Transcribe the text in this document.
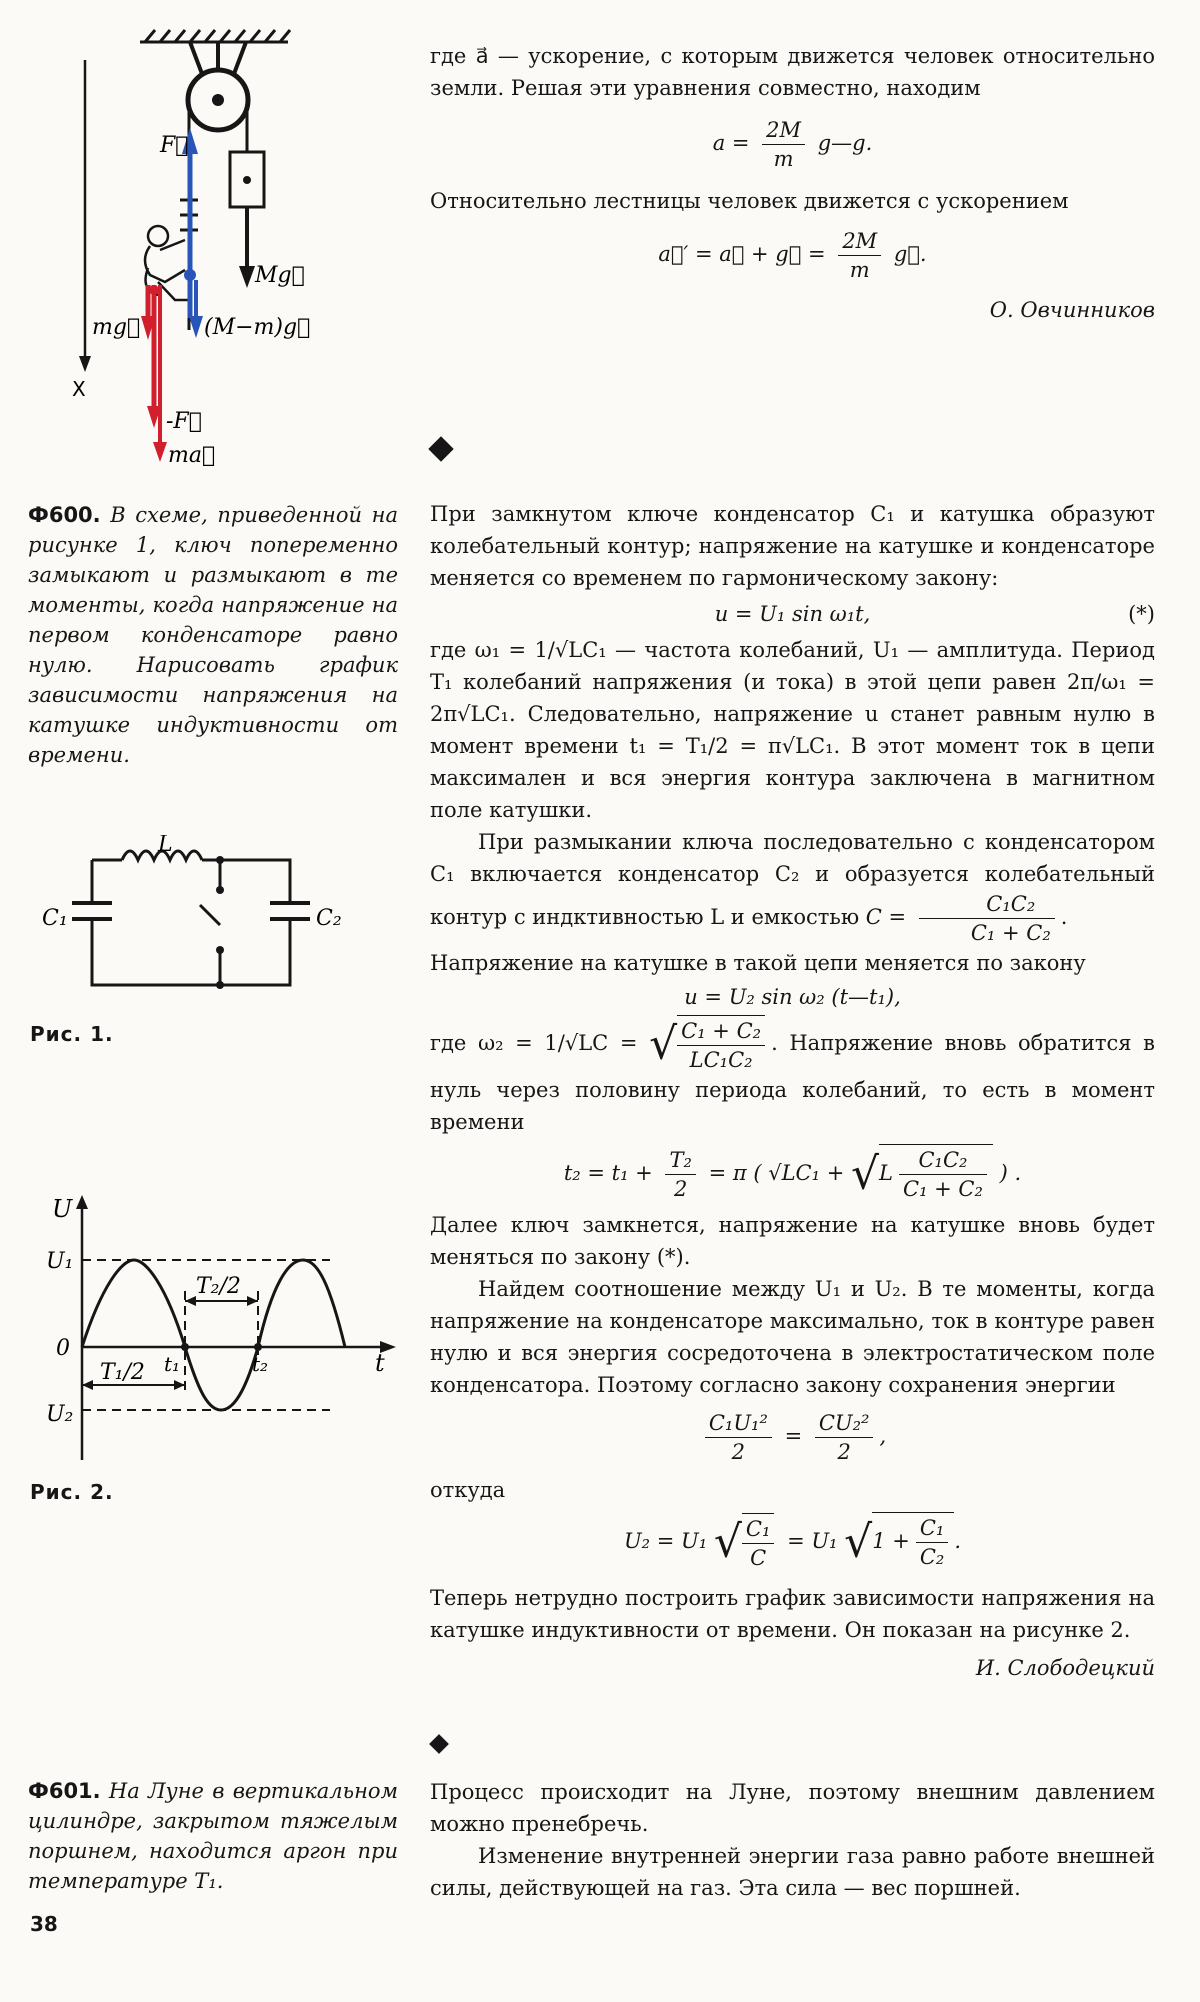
F⃗
Mg⃗
mg⃗	(M−m)g⃗
X
-F⃗
ma⃗

где a⃗ — ускорение, с которым движется человек относительно земли. Решая эти уравнения совместно, находим

$a = \frac{2M}{m}$ g—g.

Относительно лестницы человек движется с ускорением

a⃗′ = a⃗ + g⃗ = $\frac{2M}{m}$ g⃗.

О. Овчинников

Ф600. В схеме, приведенной на рисунке 1, ключ попеременно замыкают и размыкают в те моменты, когда напряжение на первом конденсаторе равно нулю. Нарисовать график зависимости напряжения на катушке индуктивности от времени.
L
C₁	C₂
Рис. 1.
U
U₁
U₂
0
t
T₂/2
T₁/2 t₁	t₂
Рис. 2.

При замкнутом ключе конденсатор C₁ и катушка образуют колебательный контур; напряжение на катушке и конденсаторе меняется со временем по гармоническому закону:

u = U₁ sin ω₁t,	(*)

где ω₁ = 1/√LC₁ — частота колебаний, U₁ — амплитуда. Период T₁ колебаний напряжения (и тока) в этой цепи равен 2π/ω₁ = 2π√LC₁. Следовательно, напряжение u станет равным нулю в момент времени t₁ = T₁/2 = π√LC₁. В этот момент ток в цепи максимален и вся энергия контура заключена в магнитном поле катушки.

При размыкании ключа последовательно с конденсатором C₁ включается конденсатор C₂ и образуется колебательный контур с индктивностью L и емкостью $C = \frac{\text{C₁C₂}}{\text{C₁ + C₂}}$ .

Напряжение на катушке в такой цепи меняется по закону

u = U₂ sin ω₂ (t—t₁),

где ω₂ = 1/√LC = √ $\frac{\text{C₁ + C₂}}{\text{LC₁C₂}}$ . Напряжение вновь обратится в нуль через половину периода колебаний, то есть в момент времени

$t_2 = t_1 + \frac{\text{T₂}}{2} = \pi$ ( $√LC_1 + √L \frac{\text{C₁C₂}}{\text{C₁ + C₂}}$ ) .

Далее ключ замкнется, напряжение на катушке вновь будет меняться по закону (*).

Найдем соотношение между U₁ и U₂. В те моменты, когда напряжение на конденсаторе максимально, ток в контуре равен нулю и вся энергия сосредоточена в электростатическом поле конденсатора. Поэтому согласно закону сохранения энергии

$\frac{\text{C₁U₁²}}{2} = \frac{\text{CU₂²}}{2}$ ,

откуда

U₂ = U₁ √ $\frac{\text{C₁}}{C} = U_1$ $√1 + \frac{\text{C₁}}{\text{C₂}}$ .

Теперь нетрудно построить график зависимости напряжения на катушке индуктивности от времени. Он показан на рисунке 2.

И. Слободецкий

Ф601. На Луне в вертикальном цилиндре, закрытом тяжелым поршнем, находится аргон при температуре T₁.

Процесс происходит на Луне, поэтому внешним давлением можно пренебречь.

Изменение внутренней энергии газа равно работе внешней силы, действующей на газ. Эта сила — вес поршней.

38
